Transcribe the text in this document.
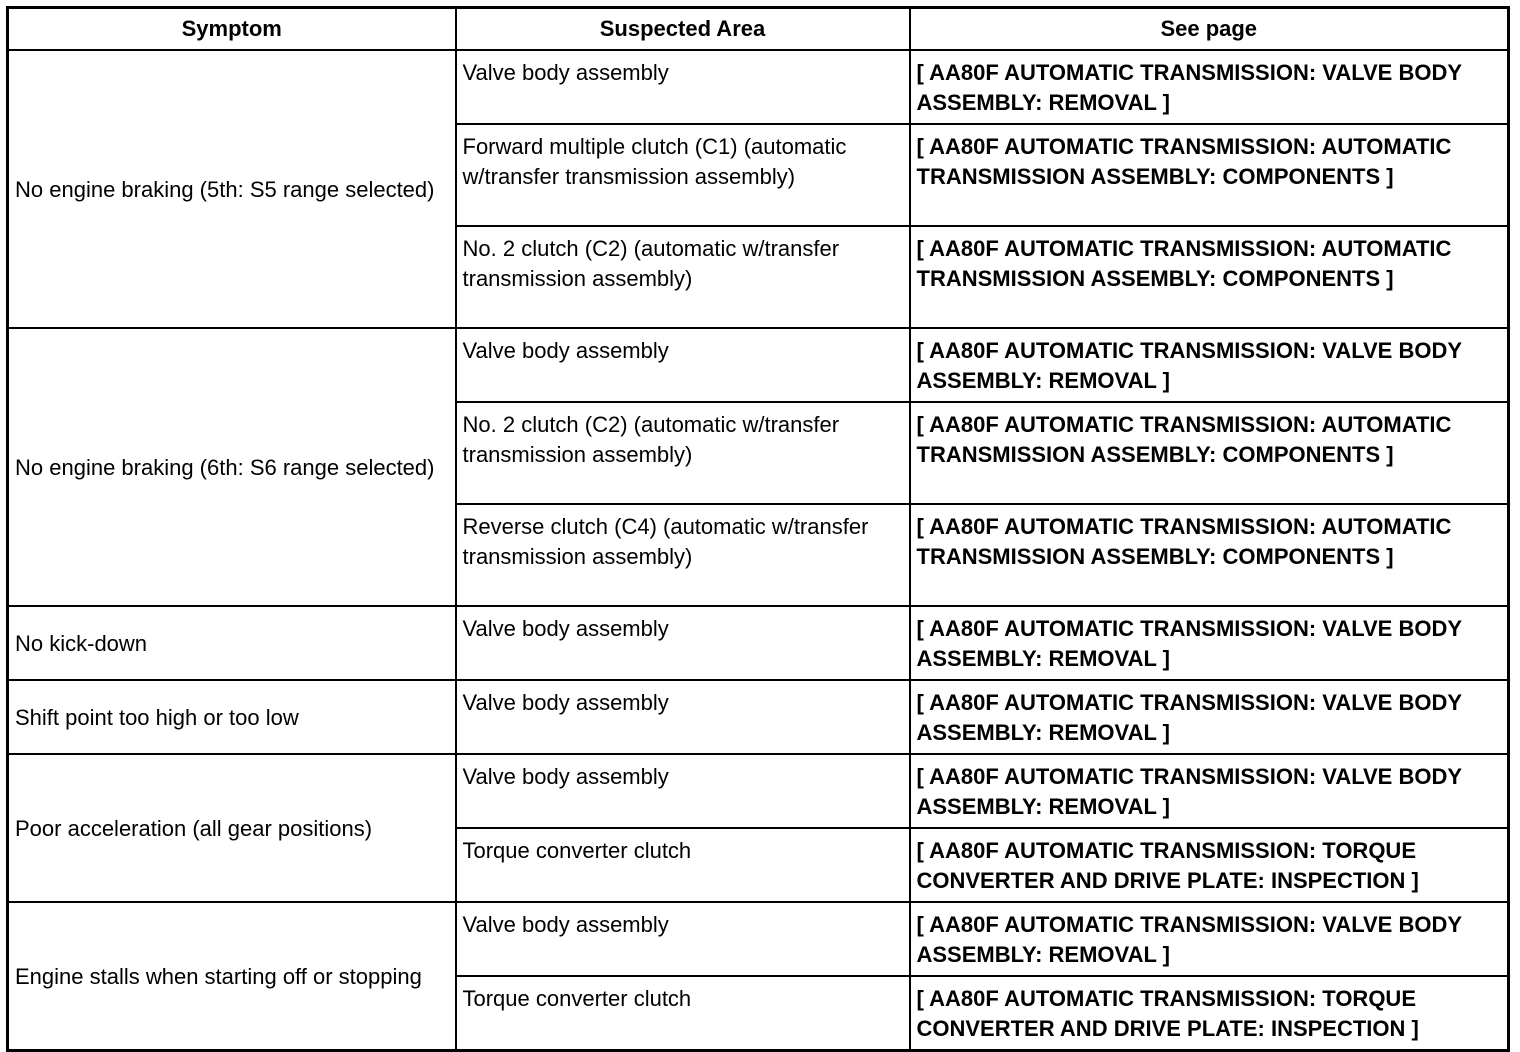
Symptom	Suspected Area	See page
No engine braking (5th: S5 range selected)	Valve body assembly	[ AA80F AUTOMATIC TRANSMISSION: VALVE BODY ASSEMBLY: REMOVAL ]
	Forward multiple clutch (C1) (automatic w/transfer transmission assembly)	[ AA80F AUTOMATIC TRANSMISSION: AUTOMATIC TRANSMISSION ASSEMBLY: COMPONENTS ]
	No. 2 clutch (C2) (automatic w/transfer transmission assembly)	[ AA80F AUTOMATIC TRANSMISSION: AUTOMATIC TRANSMISSION ASSEMBLY: COMPONENTS ]
No engine braking (6th: S6 range selected)	Valve body assembly	[ AA80F AUTOMATIC TRANSMISSION: VALVE BODY ASSEMBLY: REMOVAL ]
	No. 2 clutch (C2) (automatic w/transfer transmission assembly)	[ AA80F AUTOMATIC TRANSMISSION: AUTOMATIC TRANSMISSION ASSEMBLY: COMPONENTS ]
	Reverse clutch (C4) (automatic w/transfer transmission assembly)	[ AA80F AUTOMATIC TRANSMISSION: AUTOMATIC TRANSMISSION ASSEMBLY: COMPONENTS ]
No kick-down	Valve body assembly	[ AA80F AUTOMATIC TRANSMISSION: VALVE BODY ASSEMBLY: REMOVAL ]
Shift point too high or too low	Valve body assembly	[ AA80F AUTOMATIC TRANSMISSION: VALVE BODY ASSEMBLY: REMOVAL ]
Poor acceleration (all gear positions)	Valve body assembly	[ AA80F AUTOMATIC TRANSMISSION: VALVE BODY ASSEMBLY: REMOVAL ]
	Torque converter clutch	[ AA80F AUTOMATIC TRANSMISSION: TORQUE CONVERTER AND DRIVE PLATE: INSPECTION ]
Engine stalls when starting off or stopping	Valve body assembly	[ AA80F AUTOMATIC TRANSMISSION: VALVE BODY ASSEMBLY: REMOVAL ]
	Torque converter clutch	[ AA80F AUTOMATIC TRANSMISSION: TORQUE CONVERTER AND DRIVE PLATE: INSPECTION ]
